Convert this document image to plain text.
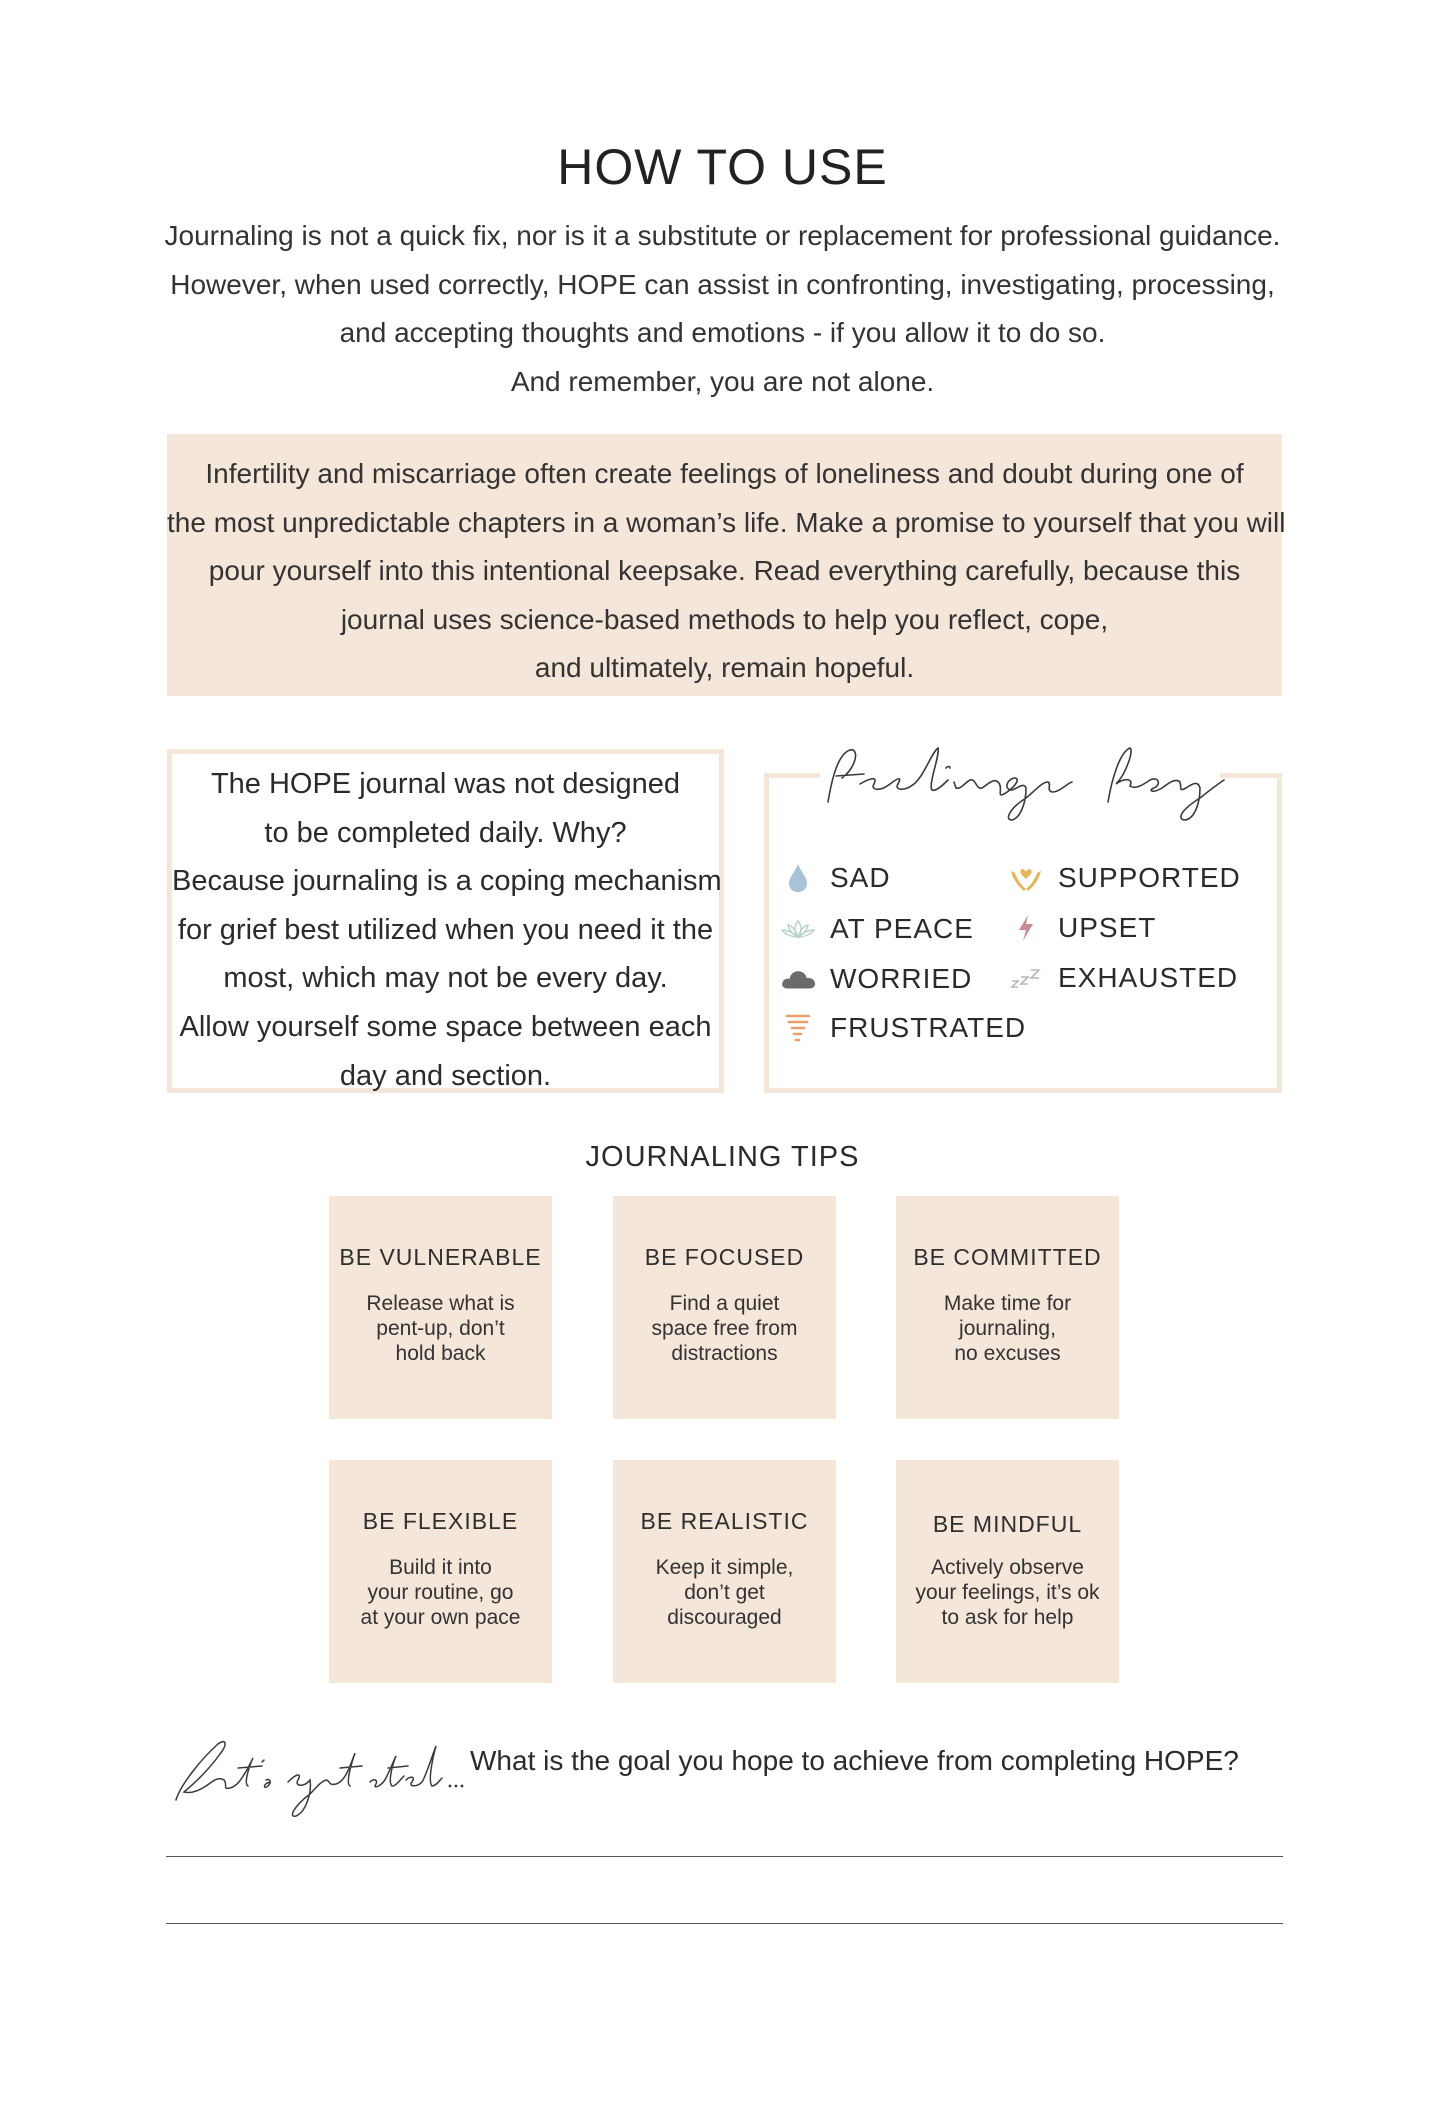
HOW TO USE
Journaling is not a quick fix, nor is it a substitute or replacement for professional guidance.
However, when used correctly, HOPE can assist in confronting, investigating, processing,
and accepting thoughts and emotions - if you allow it to do so.
And remember, you are not alone.
Infertility and miscarriage often create feelings of loneliness and doubt during one of
the most unpredictable chapters in a woman’s life. Make a promise to yourself that you will
pour yourself into this intentional keepsake. Read everything carefully, because this
journal uses science-based methods to help you reflect, cope,
and ultimately, remain hopeful.
The HOPE journal was not designed
to be completed daily. Why?
Because journaling is a coping mechanism
for grief best utilized when you need it the
most, which may not be every day.
Allow yourself some space between each
day and section.
SAD	SUPPORTED
AT PEACE	UPSET
WORRIED	EXHAUSTED
FRUSTRATED
JOURNALING TIPS
BE VULNERABLE
Release what is
pent-up, don’t
hold back
BE FOCUSED
Find a quiet
space free from
distractions
BE COMMITTED
Make time for
journaling,
no excuses
BE FLEXIBLE
Build it into
your routine, go
at your own pace
BE REALISTIC
Keep it simple,
don’t get
discouraged
BE MINDFUL
Actively observe
your feelings, it’s ok
to ask for help
What is the goal you hope to achieve from completing HOPE?
